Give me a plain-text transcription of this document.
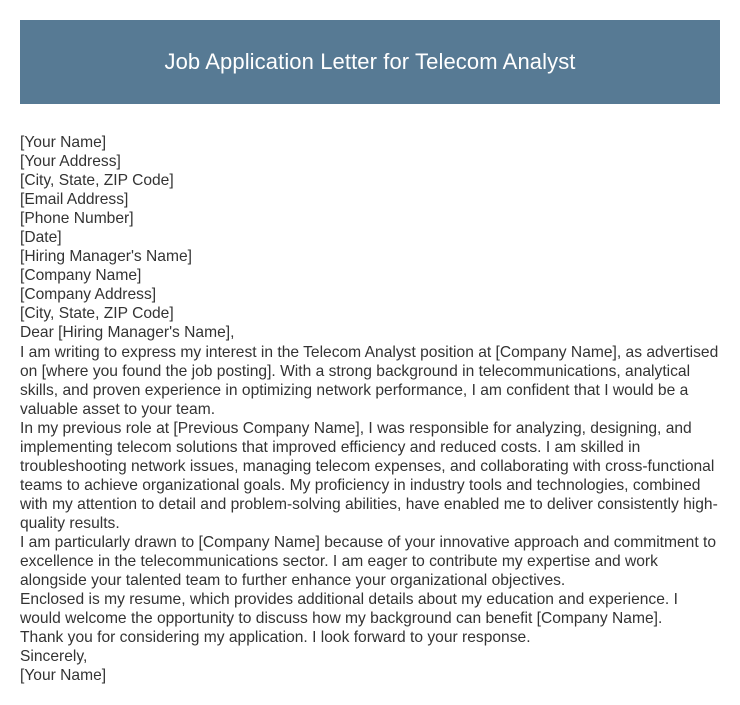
Job Application Letter for Telecom Analyst
[Your Name]
[Your Address]
[City, State, ZIP Code]
[Email Address]
[Phone Number]
[Date]
[Hiring Manager's Name]
[Company Name]
[Company Address]
[City, State, ZIP Code]
Dear [Hiring Manager's Name],

I am writing to express my interest in the Telecom Analyst position at [Company Name], as advertised on [where you found the job posting]. With a strong background in telecommunications, analytical skills, and proven experience in optimizing network performance, I am confident that I would be a valuable asset to your team.

In my previous role at [Previous Company Name], I was responsible for analyzing, designing, and implementing telecom solutions that improved efficiency and reduced costs. I am skilled in troubleshooting network issues, managing telecom expenses, and collaborating with cross-functional teams to achieve organizational goals. My proficiency in industry tools and technologies, combined with my attention to detail and problem-solving abilities, have enabled me to deliver consistently high-quality results.

I am particularly drawn to [Company Name] because of your innovative approach and commitment to excellence in the telecommunications sector. I am eager to contribute my expertise and work alongside your talented team to further enhance your organizational objectives.

Enclosed is my resume, which provides additional details about my education and experience. I would welcome the opportunity to discuss how my background can benefit [Company Name].

Thank you for considering my application. I look forward to your response.

Sincerely,
[Your Name]
